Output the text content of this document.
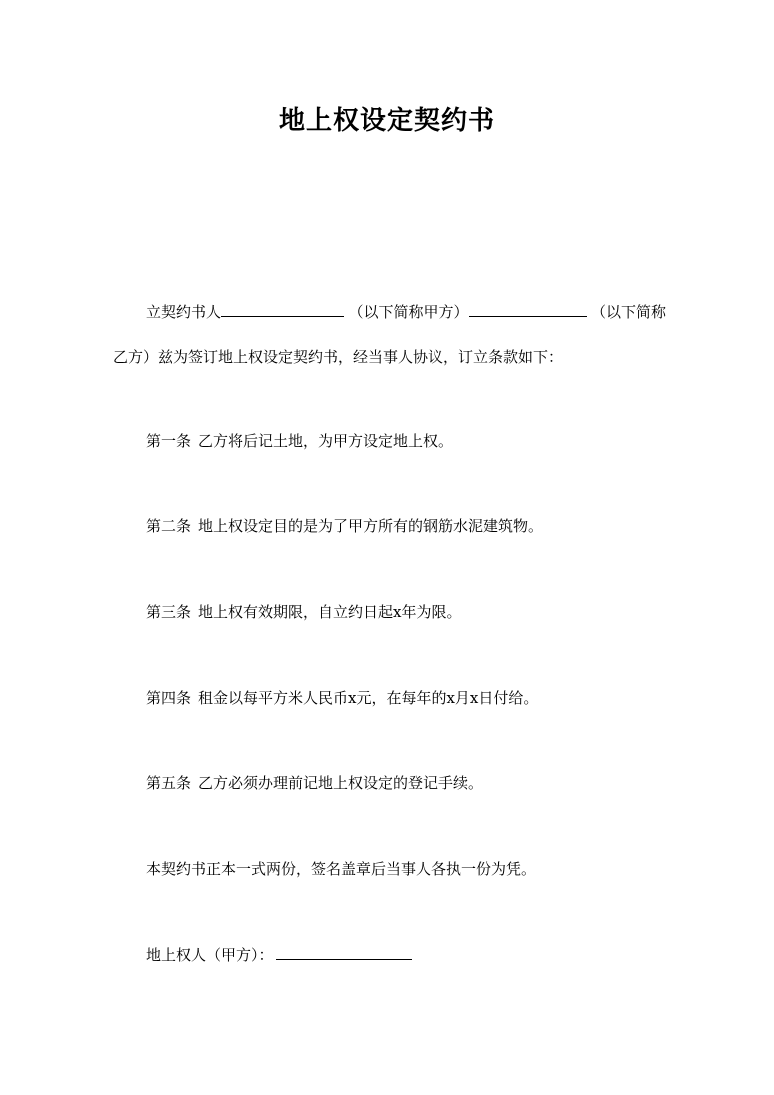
地上权设定契约书
立契约书人	（以下简称甲方）	（以下简称
乙方）兹为签订地上权设定契约书，经当事人协议，订立条款如下：
第一条 乙方将后记土地，为甲方设定地上权。
第二条 地上权设定目的是为了甲方所有的钢筋水泥建筑物。
第三条 地上权有效期限，自立约日起x年为限。
第四条 租金以每平方米人民币x元，在每年的x月x日付给。
第五条 乙方必须办理前记地上权设定的登记手续。
本契约书正本一式两份，签名盖章后当事人各执一份为凭。
地上权人（甲方）：
